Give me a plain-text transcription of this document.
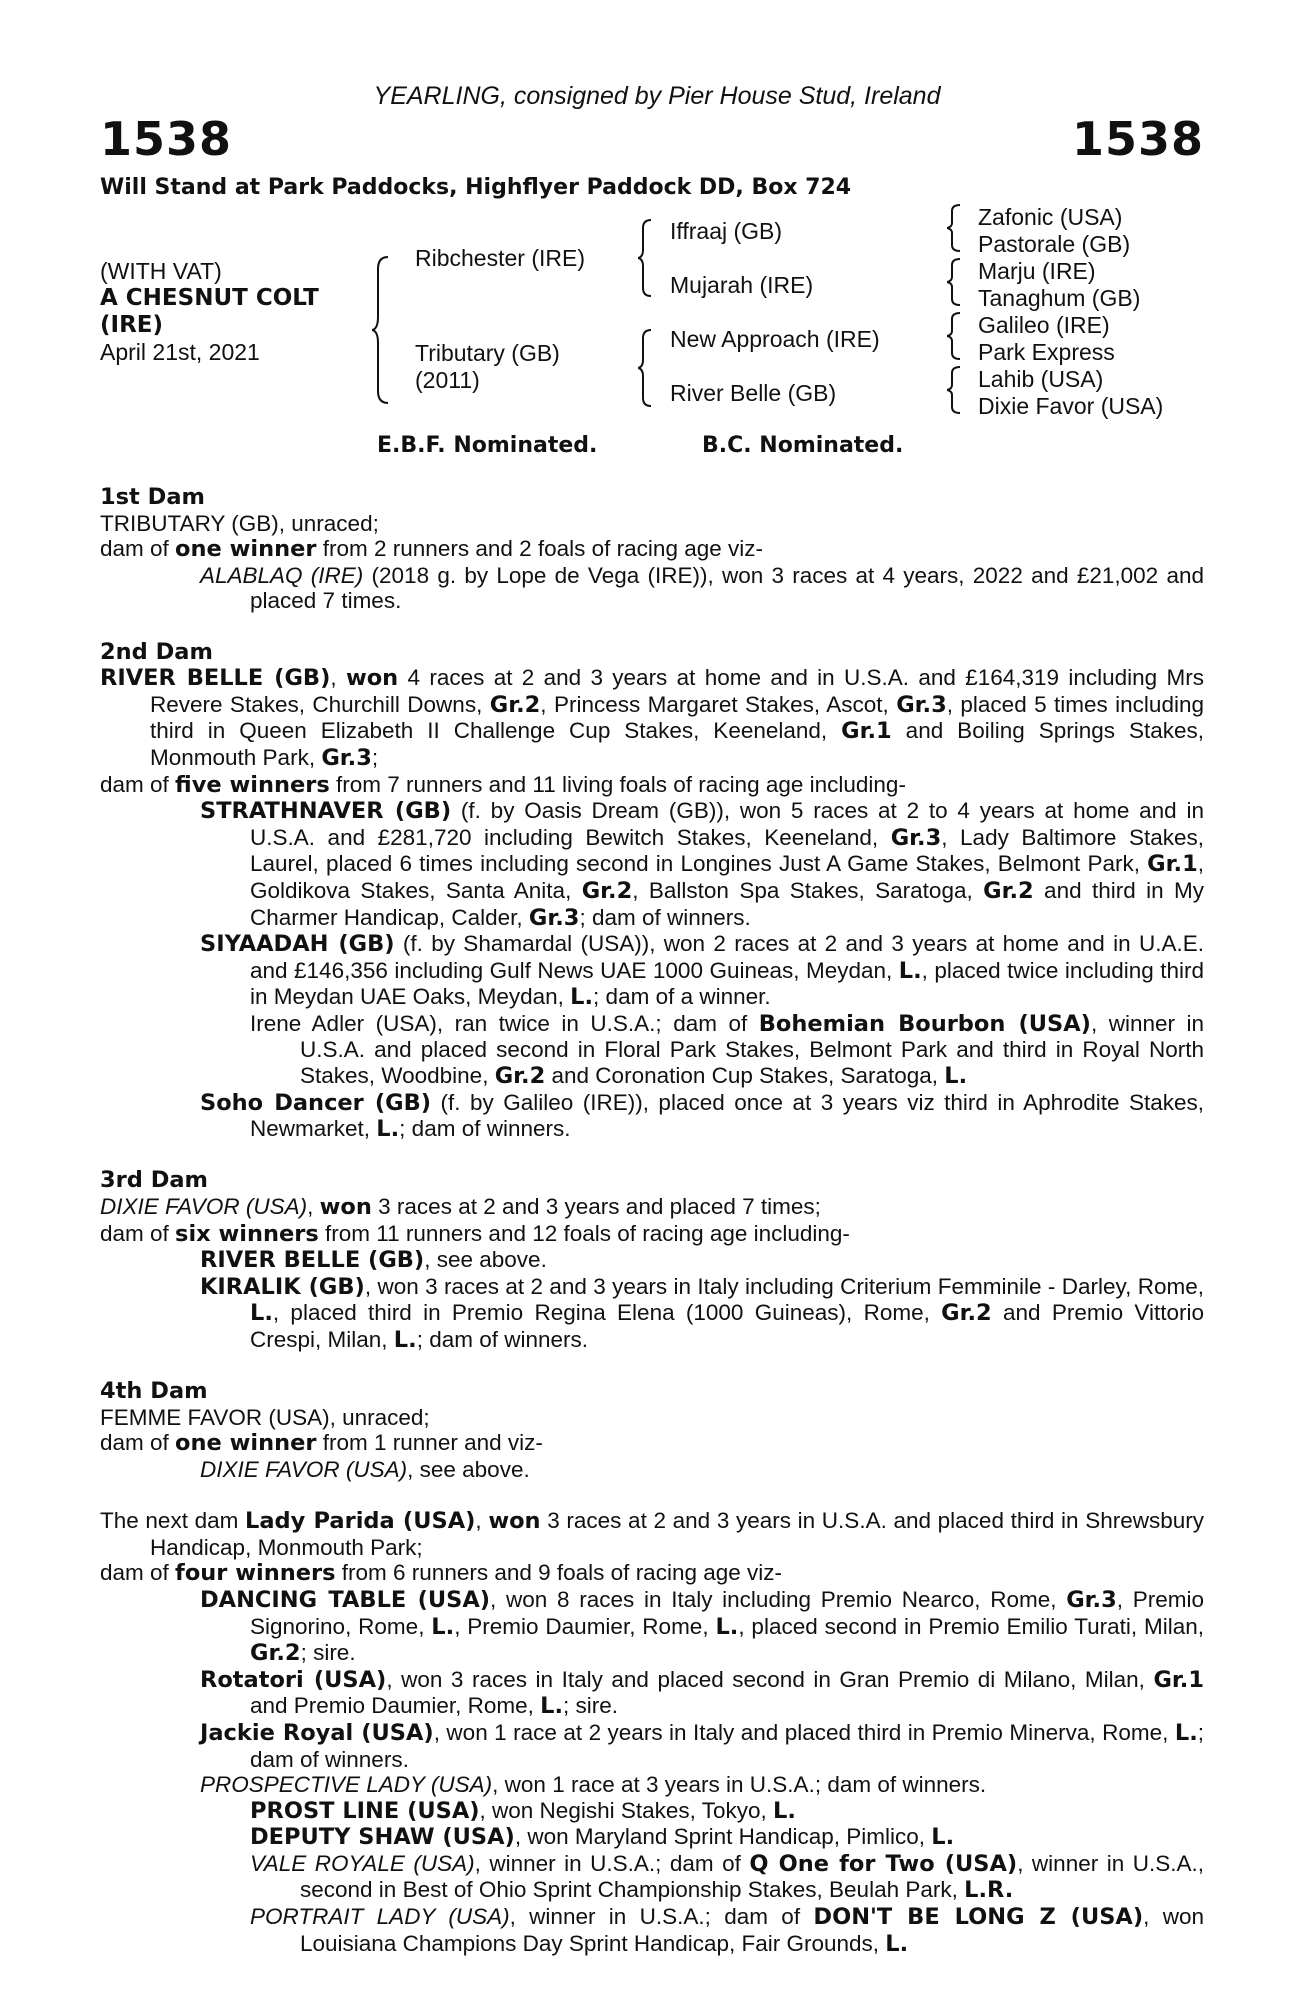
YEARLING, consigned by Pier House Stud, Ireland
1538	1538
Will Stand at Park Paddocks, Highflyer Paddock DD, Box 724
(WITH VAT)
A CHESNUT COLT
(IRE)
April 21st, 2021
Ribchester (IRE)
Tributary (GB)
(2011)
Iffraaj (GB)
Mujarah (IRE)
New Approach (IRE)
River Belle (GB)
Zafonic (USA)
Pastorale (GB)
Marju (IRE)
Tanaghum (GB)
Galileo (IRE)
Park Express
Lahib (USA)
Dixie Favor (USA)
E.B.F. Nominated.	B.C. Nominated.

1st Dam

TRIBUTARY (GB), unraced;

dam of one winner from 2 runners and 2 foals of racing age viz-

ALABLAQ (IRE) (2018 g. by Lope de Vega (IRE)), won 3 races at 4 years, 2022 and £21,002 and placed 7 times.

2nd Dam

RIVER BELLE (GB), won 4 races at 2 and 3 years at home and in U.S.A. and £164,319 including Mrs Revere Stakes, Churchill Downs, Gr.2, Princess Margaret Stakes, Ascot, Gr.3, placed 5 times including third in Queen Elizabeth II Challenge Cup Stakes, Keeneland, Gr.1 and Boiling Springs Stakes, Monmouth Park, Gr.3;

dam of five winners from 7 runners and 11 living foals of racing age including-

STRATHNAVER (GB) (f. by Oasis Dream (GB)), won 5 races at 2 to 4 years at home and in U.S.A. and £281,720 including Bewitch Stakes, Keeneland, Gr.3, Lady Baltimore Stakes, Laurel, placed 6 times including second in Longines Just A Game Stakes, Belmont Park, Gr.1, Goldikova Stakes, Santa Anita, Gr.2, Ballston Spa Stakes, Saratoga, Gr.2 and third in My Charmer Handicap, Calder, Gr.3; dam of winners.

SIYAADAH (GB) (f. by Shamardal (USA)), won 2 races at 2 and 3 years at home and in U.A.E. and £146,356 including Gulf News UAE 1000 Guineas, Meydan, L., placed twice including third in Meydan UAE Oaks, Meydan, L.; dam of a winner.

Irene Adler (USA), ran twice in U.S.A.; dam of Bohemian Bourbon (USA), winner in U.S.A. and placed second in Floral Park Stakes, Belmont Park and third in Royal North Stakes, Woodbine, Gr.2 and Coronation Cup Stakes, Saratoga, L.

Soho Dancer (GB) (f. by Galileo (IRE)), placed once at 3 years viz third in Aphrodite Stakes, Newmarket, L.; dam of winners.

3rd Dam

DIXIE FAVOR (USA), won 3 races at 2 and 3 years and placed 7 times;

dam of six winners from 11 runners and 12 foals of racing age including-

RIVER BELLE (GB), see above.

KIRALIK (GB), won 3 races at 2 and 3 years in Italy including Criterium Femminile - Darley, Rome, L., placed third in Premio Regina Elena (1000 Guineas), Rome, Gr.2 and Premio Vittorio Crespi, Milan, L.; dam of winners.

4th Dam

FEMME FAVOR (USA), unraced;

dam of one winner from 1 runner and viz-

DIXIE FAVOR (USA), see above.

The next dam Lady Parida (USA), won 3 races at 2 and 3 years in U.S.A. and placed third in Shrewsbury Handicap, Monmouth Park;

dam of four winners from 6 runners and 9 foals of racing age viz-

DANCING TABLE (USA), won 8 races in Italy including Premio Nearco, Rome, Gr.3, Premio Signorino, Rome, L., Premio Daumier, Rome, L., placed second in Premio Emilio Turati, Milan, Gr.2; sire.

Rotatori (USA), won 3 races in Italy and placed second in Gran Premio di Milano, Milan, Gr.1 and Premio Daumier, Rome, L.; sire.

Jackie Royal (USA), won 1 race at 2 years in Italy and placed third in Premio Minerva, Rome, L.; dam of winners.

PROSPECTIVE LADY (USA), won 1 race at 3 years in U.S.A.; dam of winners.

PROST LINE (USA), won Negishi Stakes, Tokyo, L.

DEPUTY SHAW (USA), won Maryland Sprint Handicap, Pimlico, L.

VALE ROYALE (USA), winner in U.S.A.; dam of Q One for Two (USA), winner in U.S.A., second in Best of Ohio Sprint Championship Stakes, Beulah Park, L.R.

PORTRAIT LADY (USA), winner in U.S.A.; dam of DON'T BE LONG Z (USA), won Louisiana Champions Day Sprint Handicap, Fair Grounds, L.
